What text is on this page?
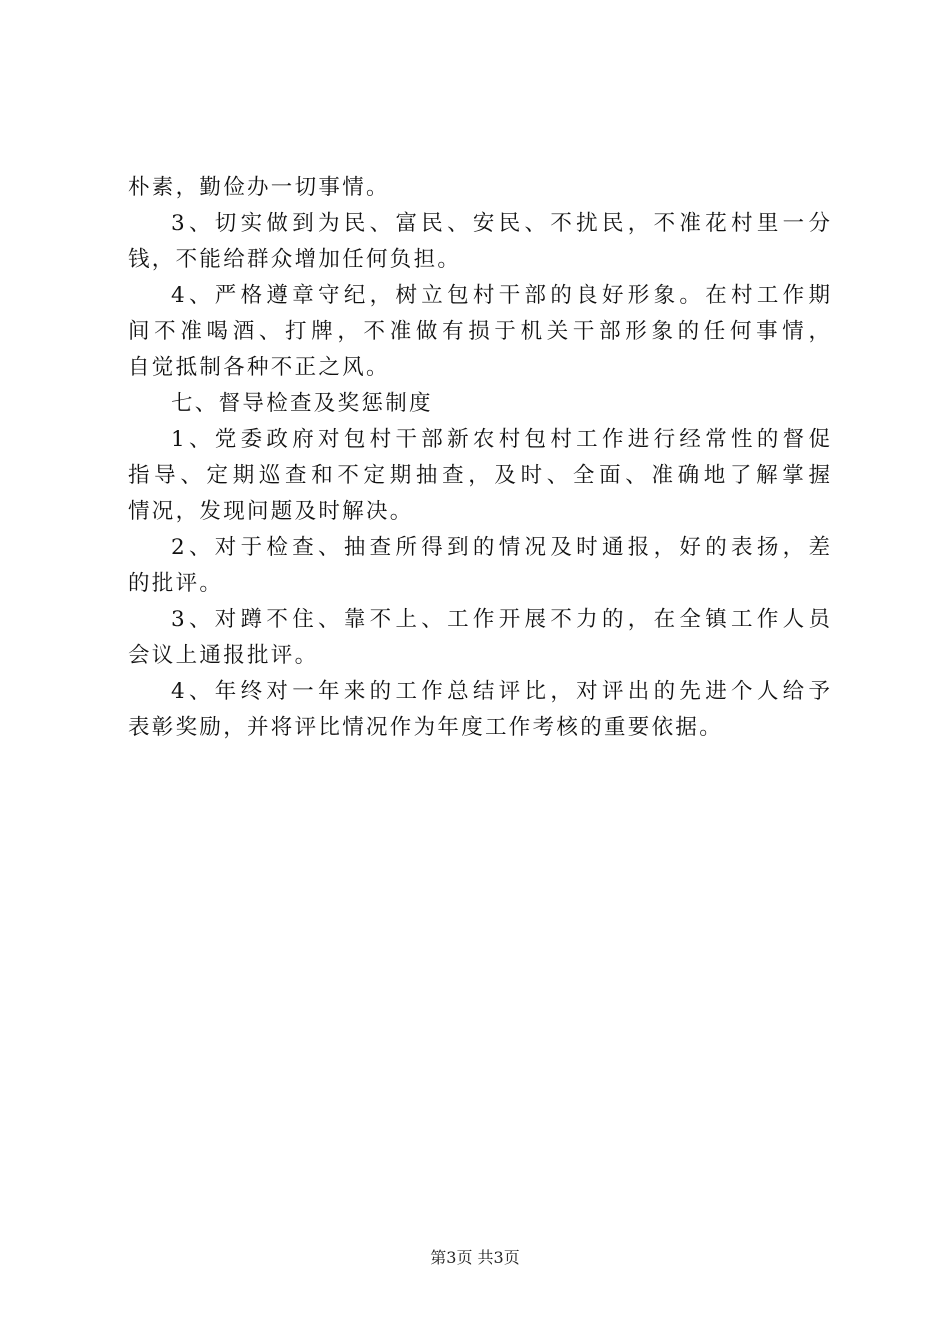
朴素，勤俭办一切事情。
3 、 切 实 做 到 为 民 、 富 民 、 安 民 、 不 扰 民 ， 不 准 花 村 里 一 分
钱，不能给群众增加任何负担。
4 、 严 格 遵 章 守 纪 ， 树 立 包 村 干 部 的 良 好 形 象 。 在 村 工 作 期
间 不 准 喝 酒 、 打 牌 ， 不 准 做 有 损 于 机 关 干 部 形 象 的 任 何 事 情 ，
自觉抵制各种不正之风。
七、督导检查及奖惩制度
1 、 党 委 政 府 对 包 村 干 部 新 农 村 包 村 工 作 进 行 经 常 性 的 督 促
指 导 、 定 期 巡 查 和 不 定 期 抽 查 ， 及 时 、 全 面 、 准 确 地 了 解 掌 握
情况，发现问题及时解决。
2 、 对 于 检 查 、 抽 查 所 得 到 的 情 况 及 时 通 报 ， 好 的 表 扬 ， 差
的批评。
3 、 对 蹲 不 住 、 靠 不 上 、 工 作 开 展 不 力 的 ， 在 全 镇 工 作 人 员
会议上通报批评。
4 、 年 终 对 一 年 来 的 工 作 总 结 评 比 ， 对 评 出 的 先 进 个 人 给 予
表彰奖励，并将评比情况作为年度工作考核的重要依据。
第3页 共3页
